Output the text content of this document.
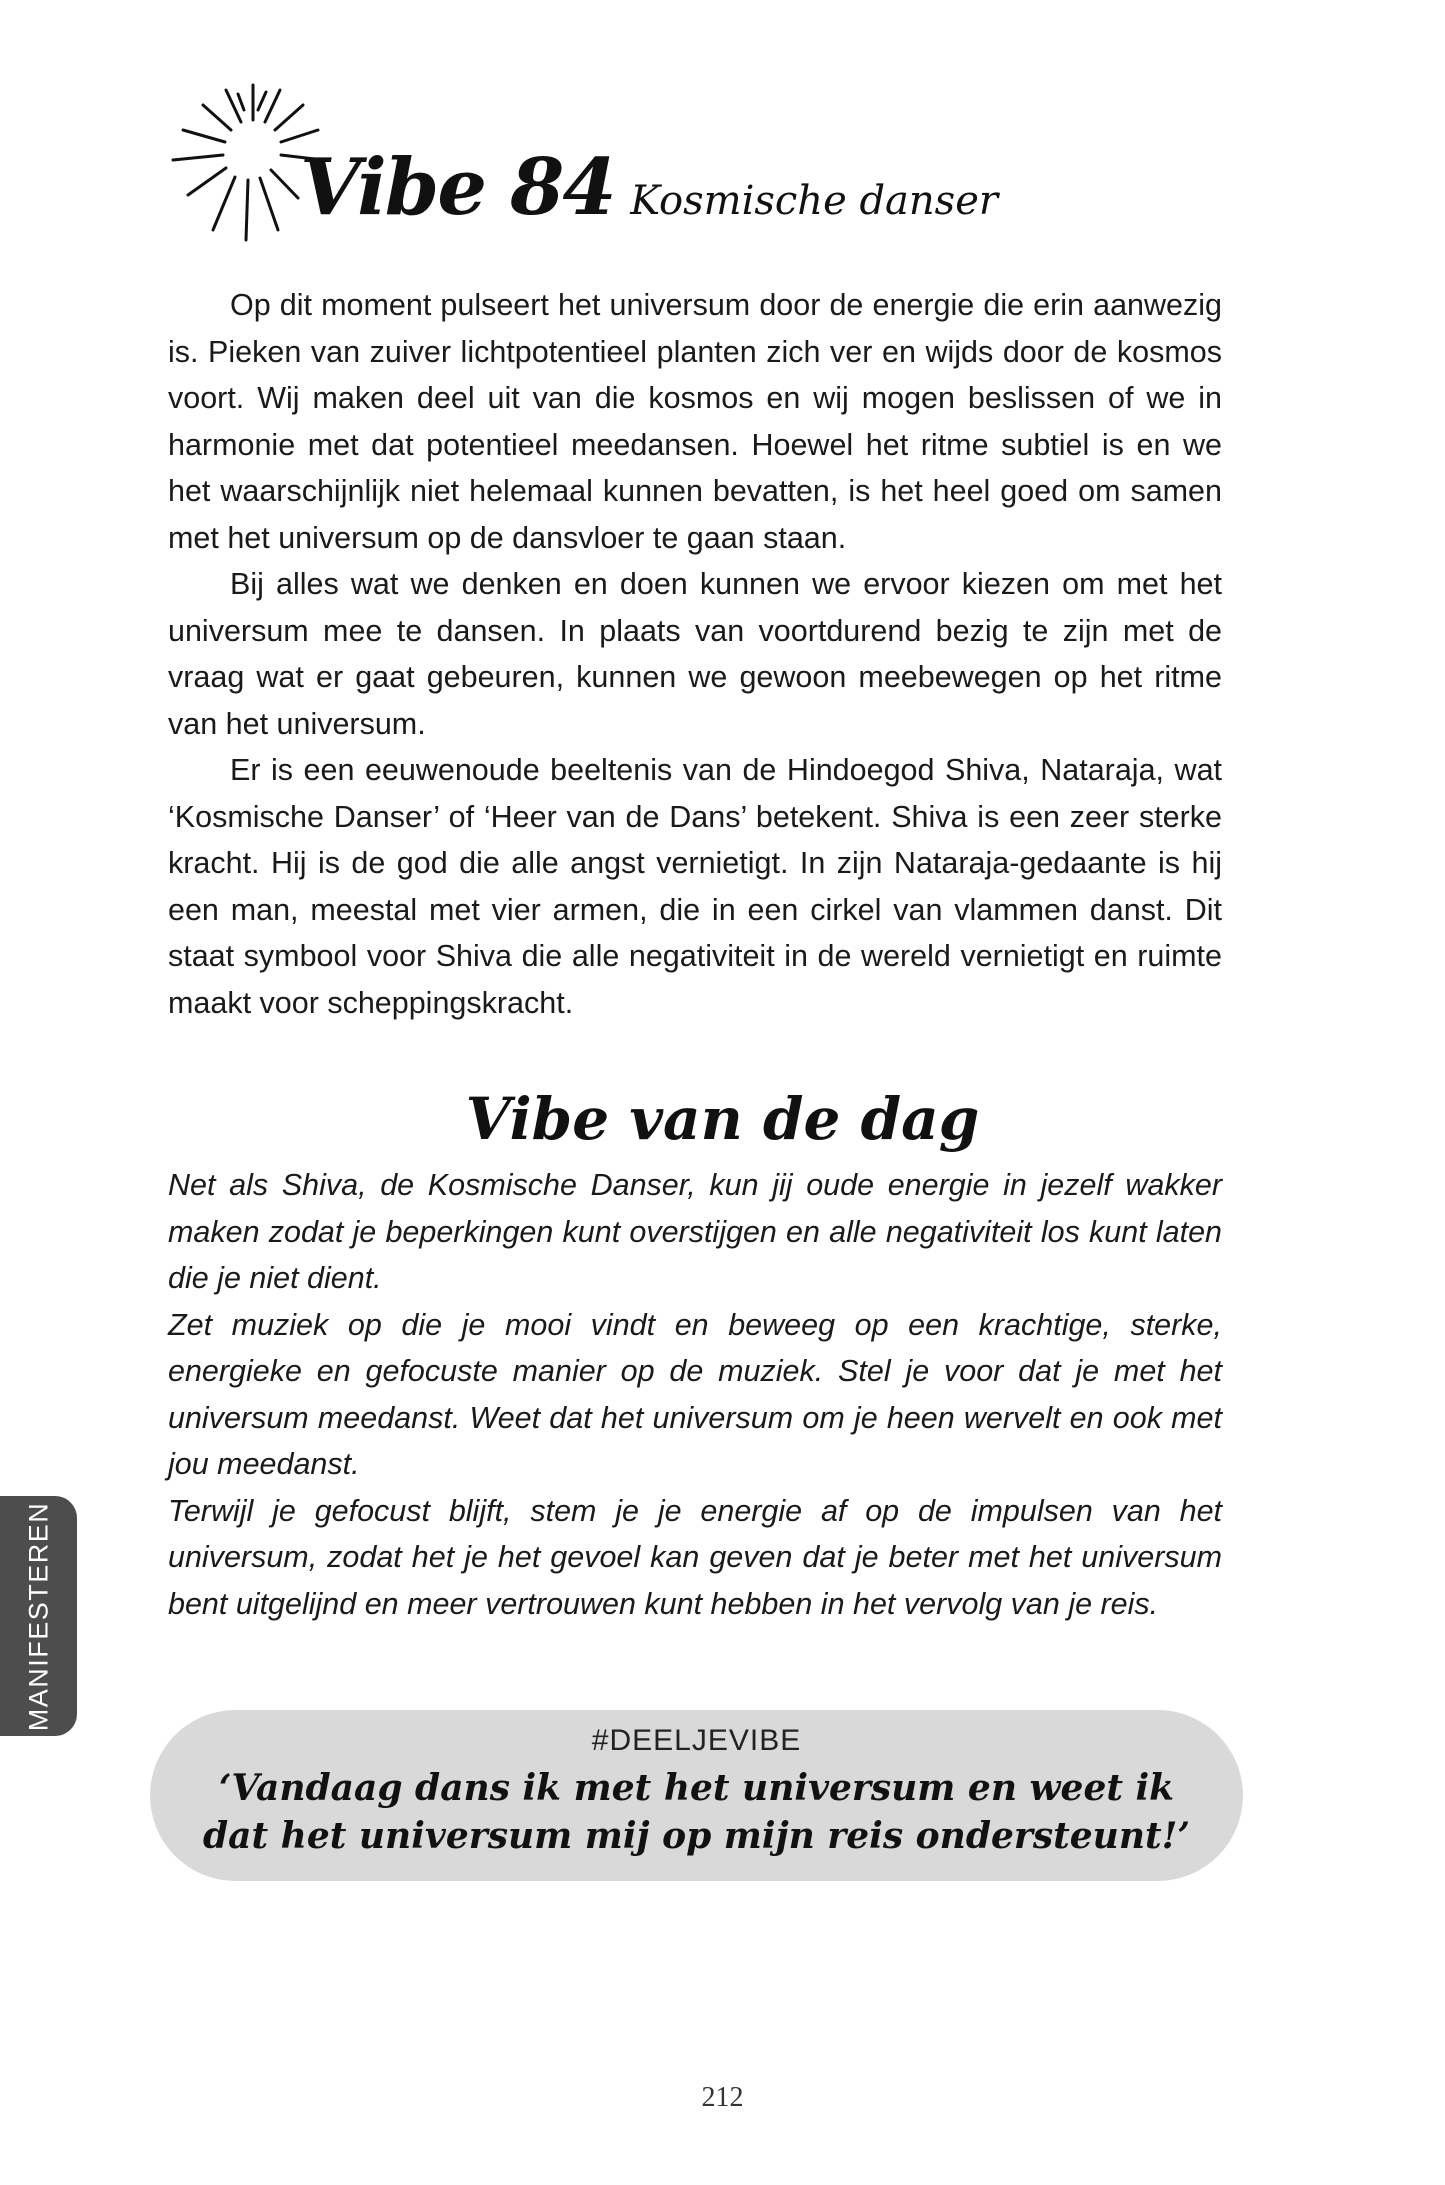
Vibe 84 Kosmische danser

Op dit moment pulseert het universum door de energie die erin aanwezig is. Pieken van zuiver lichtpotentieel planten zich ver en wijds door de kosmos voort. Wij maken deel uit van die kosmos en wij mogen beslissen of we in harmonie met dat potentieel meedansen. Hoewel het ritme subtiel is en we het waarschijnlijk niet helemaal kunnen bevatten, is het heel goed om samen met het universum op de dansvloer te gaan staan.

Bij alles wat we denken en doen kunnen we ervoor kiezen om met het universum mee te dansen. In plaats van voortdurend bezig te zijn met de vraag wat er gaat gebeuren, kunnen we gewoon meebewegen op het ritme van het universum.

Er is een eeuwenoude beeltenis van de Hindoegod Shiva, Nataraja, wat ‘Kosmische Danser’ of ‘Heer van de Dans’ betekent. Shiva is een zeer sterke kracht. Hij is de god die alle angst vernietigt. In zijn Nataraja-gedaante is hij een man, meestal met vier armen, die in een cirkel van vlammen danst. Dit staat symbool voor Shiva die alle negativiteit in de wereld vernietigt en ruimte maakt voor scheppingskracht.

Vibe van de dag

Net als Shiva, de Kosmische Danser, kun jij oude energie in jezelf wakker maken zodat je beperkingen kunt overstijgen en alle negativiteit los kunt laten die je niet dient.

Zet muziek op die je mooi vindt en beweeg op een krachtige, sterke, energieke en gefocuste manier op de muziek. Stel je voor dat je met het universum meedanst. Weet dat het universum om je heen wervelt en ook met jou meedanst.

Terwijl je gefocust blijft, stem je je energie af op de impulsen van het universum, zodat het je het gevoel kan geven dat je beter met het universum bent uitgelijnd en meer vertrouwen kunt hebben in het vervolg van je reis.

MANIFESTEREN
#DEELJEVIBE
‘Vandaag dans ik met het universum en weet ik
dat het universum mij op mijn reis ondersteunt!’
212
